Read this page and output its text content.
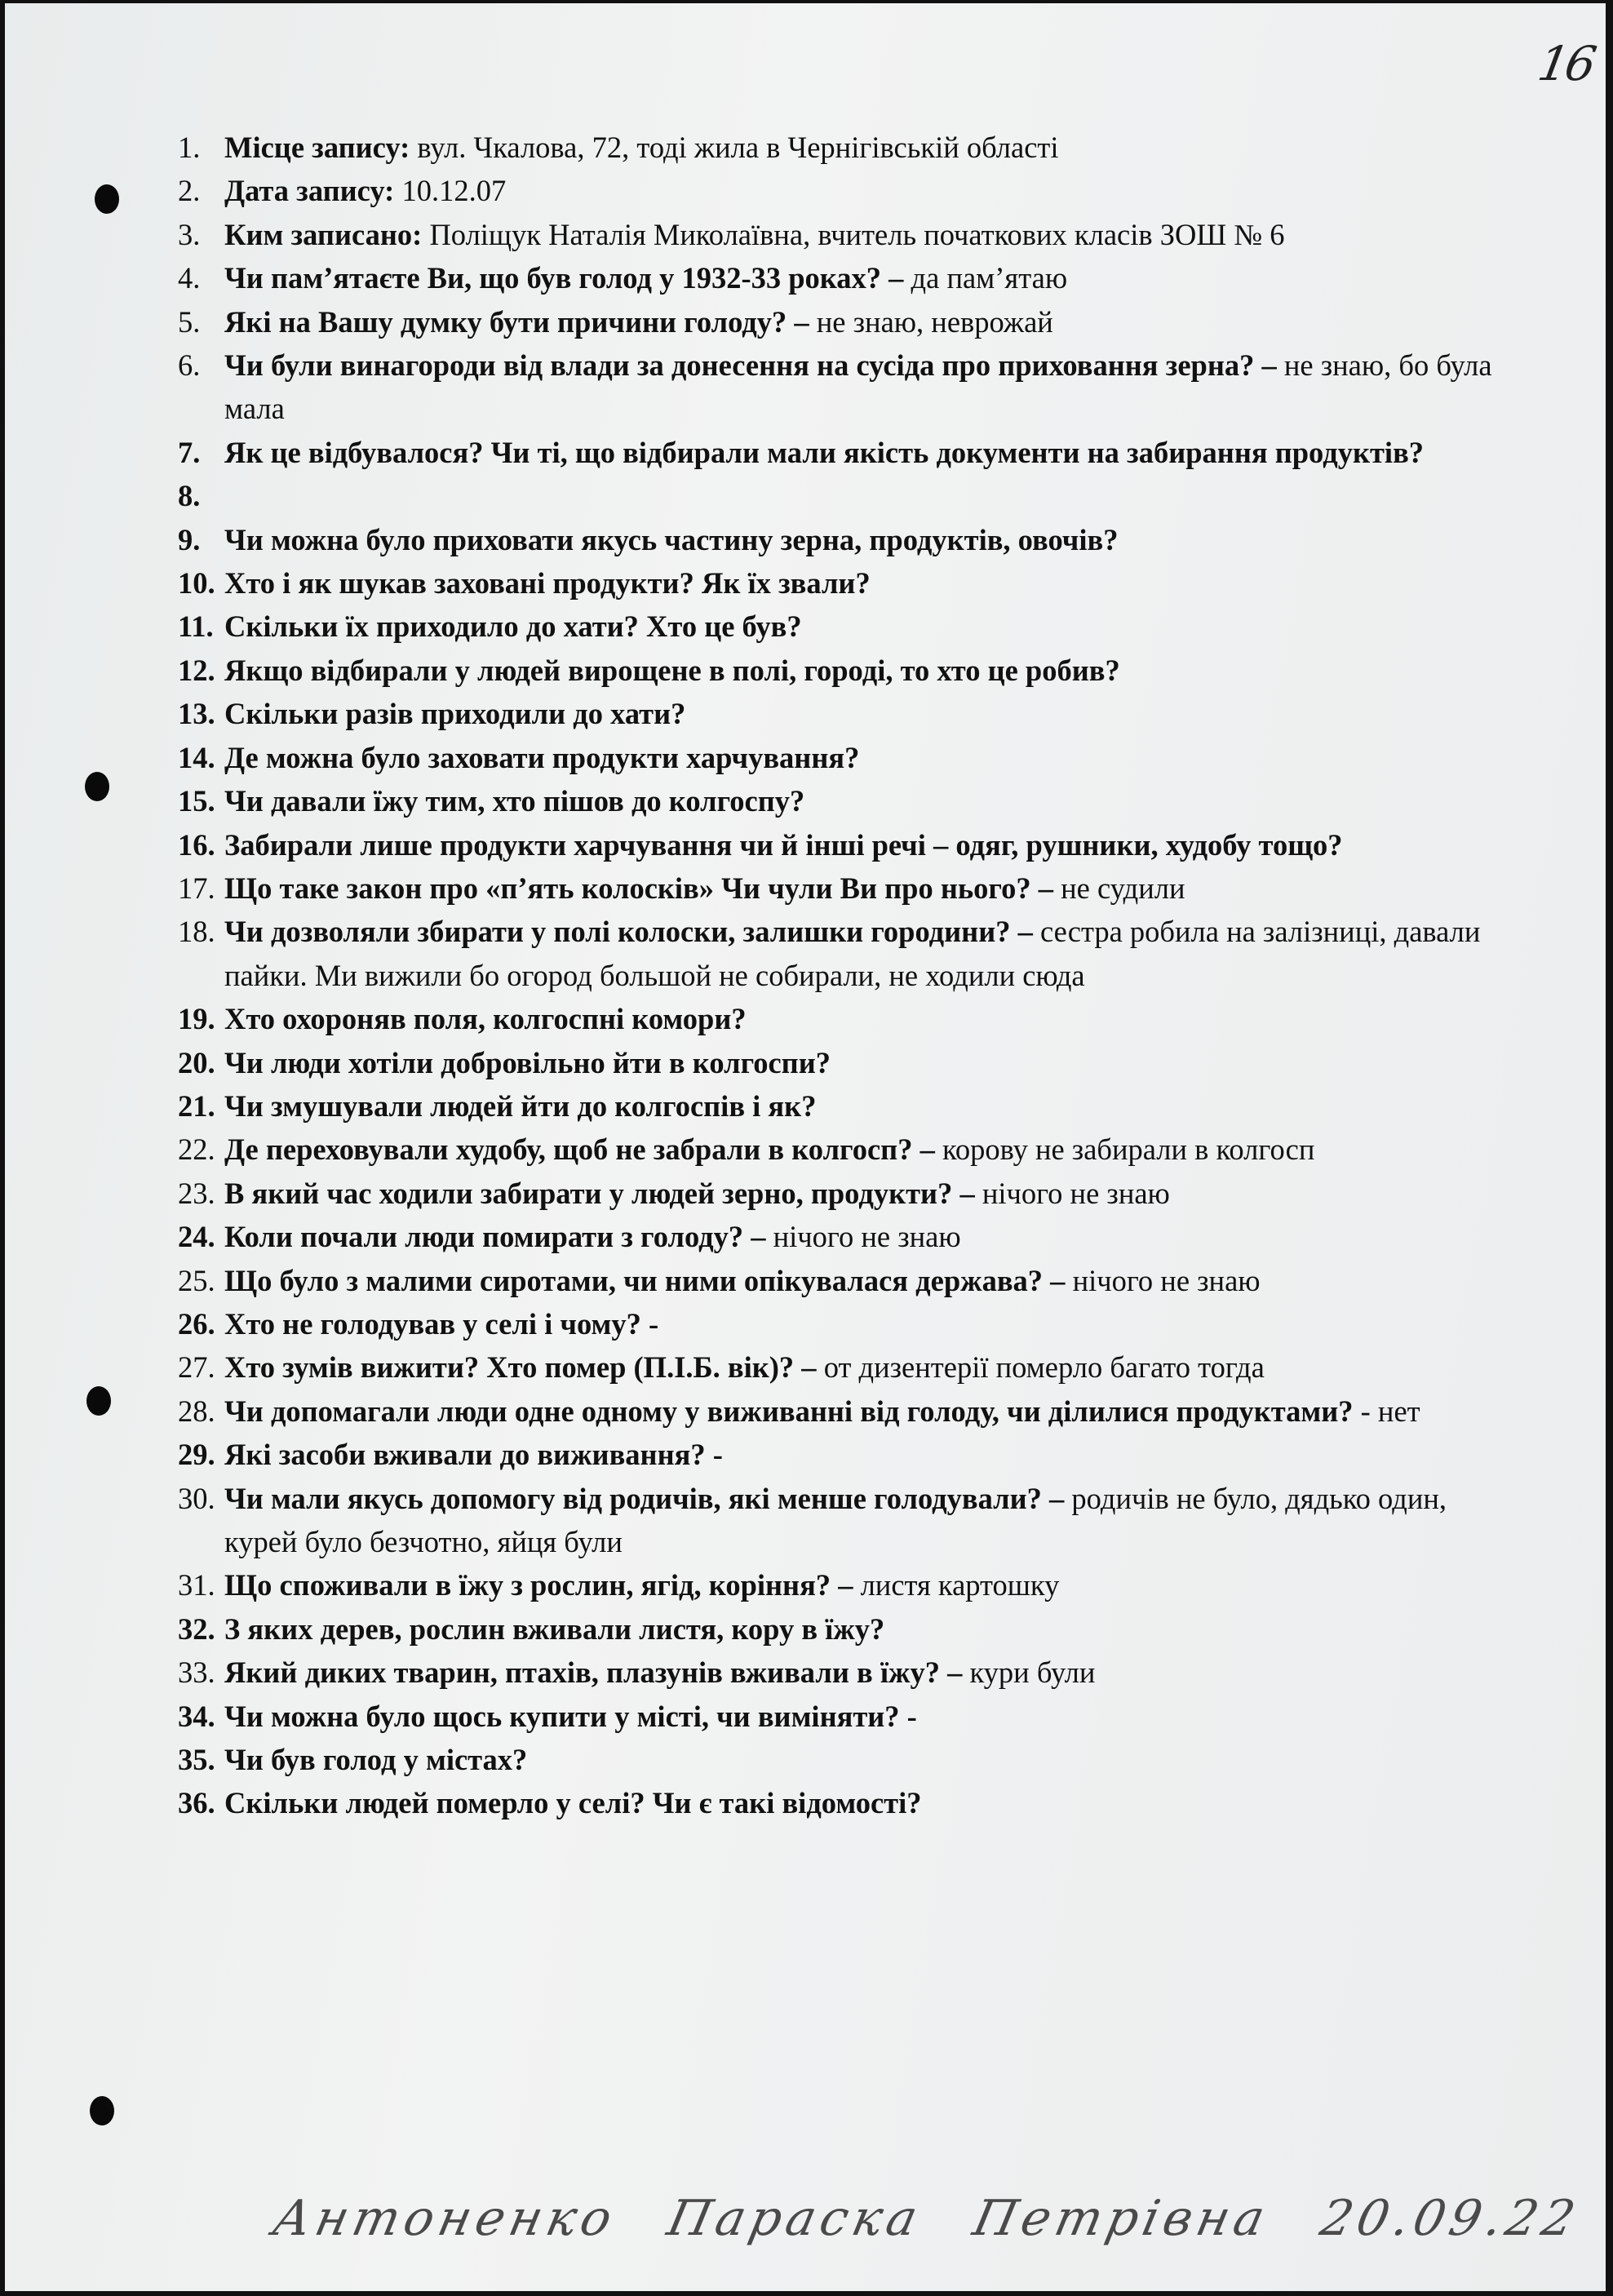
16
1. Місце запису: вул. Чкалова, 72, тоді жила в Чернігівській області
2. Дата запису: 10.12.07
3. Ким записано: Поліщук Наталія Миколаївна, вчитель початкових класів ЗОШ № 6
4. Чи пам’ятаєте Ви, що був голод у 1932-33 роках? – да пам’ятаю
5. Які на Вашу думку бути причини голоду? – не знаю, неврожай
6. Чи були винагороди від влади за донесення на сусіда про приховання зерна? – не знаю, бо була мала
7. Як це відбувалося? Чи ті, що відбирали мали якість документи на забирання продуктів?
8.
9. Чи можна було приховати якусь частину зерна, продуктів, овочів?
10. Хто і як шукав заховані продукти? Як їх звали?
11. Скільки їх приходило до хати? Хто це був?
12. Якщо відбирали у людей вирощене в полі, городі, то хто це робив?
13. Скільки разів приходили до хати?
14. Де можна було заховати продукти харчування?
15. Чи давали їжу тим, хто пішов до колгоспу?
16. Забирали лише продукти харчування чи й інші речі – одяг, рушники, худобу тощо?
17. Що таке закон про «п’ять колосків» Чи чули Ви про нього? – не судили
18. Чи дозволяли збирати у полі колоски, залишки городини? – сестра робила на залізниці, давали пайки. Ми вижили бо огород большой не собирали, не ходили сюда
19. Хто охороняв поля, колгоспні комори?
20. Чи люди хотіли добровільно йти в колгоспи?
21. Чи змушували людей йти до колгоспів і як?
22. Де переховували худобу, щоб не забрали в колгосп? – корову не забирали в колгосп
23. В який час ходили забирати у людей зерно, продукти? – нічого не знаю
24. Коли почали люди помирати з голоду? – нічого не знаю
25. Що було з малими сиротами, чи ними опікувалася держава? – нічого не знаю
26. Хто не голодував у селі і чому? -
27. Хто зумів вижити? Хто помер (П.І.Б. вік)? – от дизентерії померло багато тогда
28. Чи допомагали люди одне одному у виживанні від голоду, чи ділилися продуктами? - нет
29. Які засоби вживали до виживання? -
30. Чи мали якусь допомогу від родичів, які менше голодували? – родичів не було, дядько один, курей було безчотно, яйця були
31. Що споживали в їжу з рослин, ягід, коріння? – листя картошку
32. З яких дерев, рослин вживали листя, кору в їжу?
33. Який диких тварин, птахів, плазунів вживали в їжу? – кури були
34. Чи можна було щось купити у місті, чи виміняти? -
35. Чи був голод у містах?
36. Скільки людей померло у селі? Чи є такі відомості?
Антоненко Параска Петрівна 20.09.22
